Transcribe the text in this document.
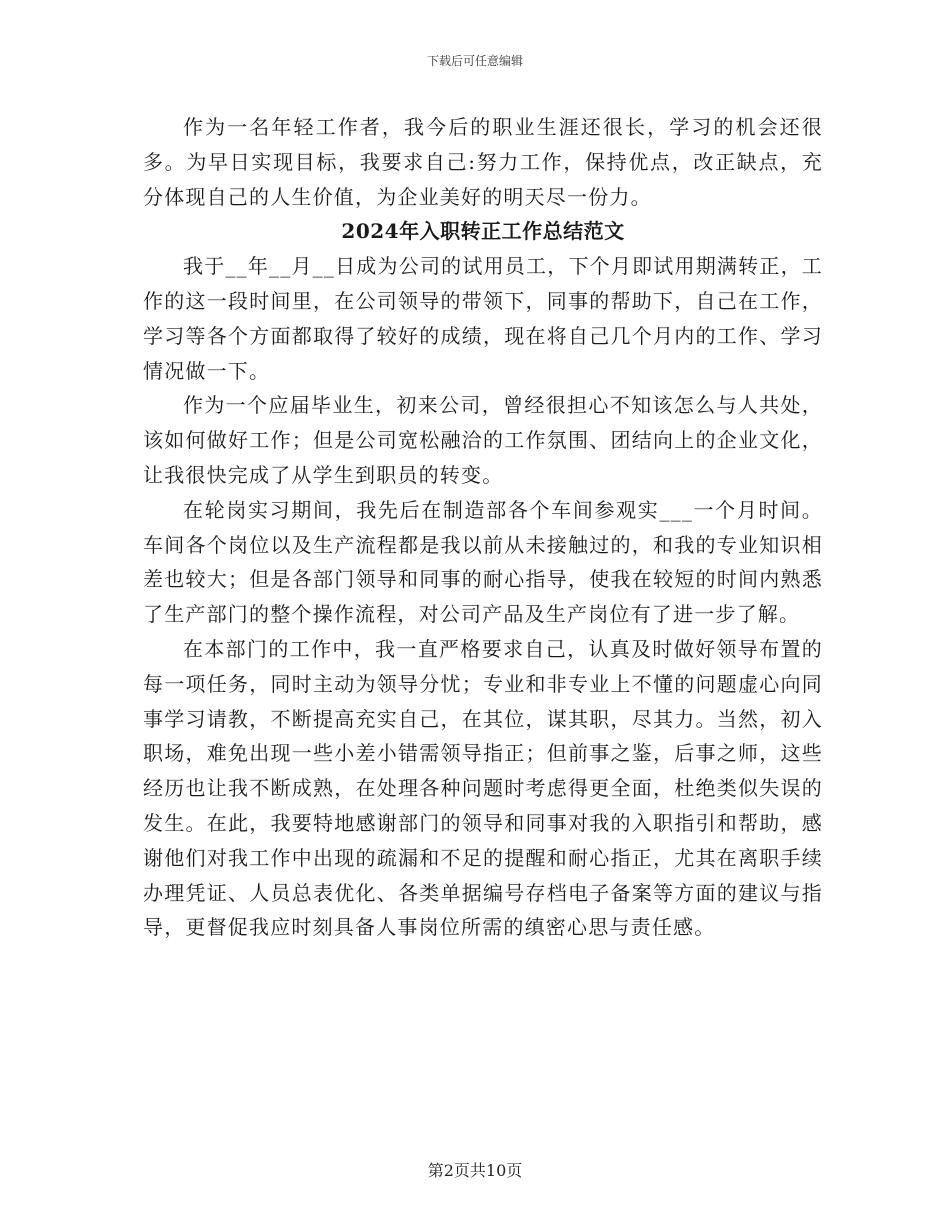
下载后可任意编辑

作为一名年轻工作者，我今后的职业生涯还很长，学习的机会还很多。为早日实现目标，我要求自己:努力工作，保持优点，改正缺点，充分体现自己的人生价值，为企业美好的明天尽一份力。

2024年入职转正工作总结范文

我于__年__月__日成为公司的试用员工，下个月即试用期满转正，工作的这一段时间里，在公司领导的带领下，同事的帮助下，自己在工作，学习等各个方面都取得了较好的成绩，现在将自己几个月内的工作、学习情况做一下。

作为一个应届毕业生，初来公司，曾经很担心不知该怎么与人共处，该如何做好工作；但是公司宽松融洽的工作氛围、团结向上的企业文化，让我很快完成了从学生到职员的转变。

在轮岗实习期间，我先后在制造部各个车间参观实___一个月时间。车间各个岗位以及生产流程都是我以前从未接触过的，和我的专业知识相差也较大；但是各部门领导和同事的耐心指导，使我在较短的时间内熟悉了生产部门的整个操作流程，对公司产品及生产岗位有了进一步了解。

在本部门的工作中，我一直严格要求自己，认真及时做好领导布置的每一项任务，同时主动为领导分忧；专业和非专业上不懂的问题虚心向同事学习请教，不断提高充实自己，在其位，谋其职，尽其力。当然，初入职场，难免出现一些小差小错需领导指正；但前事之鉴，后事之师，这些经历也让我不断成熟，在处理各种问题时考虑得更全面，杜绝类似失误的发生。在此，我要特地感谢部门的领导和同事对我的入职指引和帮助，感谢他们对我工作中出现的疏漏和不足的提醒和耐心指正，尤其在离职手续办理凭证、人员总表优化、各类单据编号存档电子备案等方面的建议与指导，更督促我应时刻具备人事岗位所需的缜密心思与责任感。

第2页共10页
